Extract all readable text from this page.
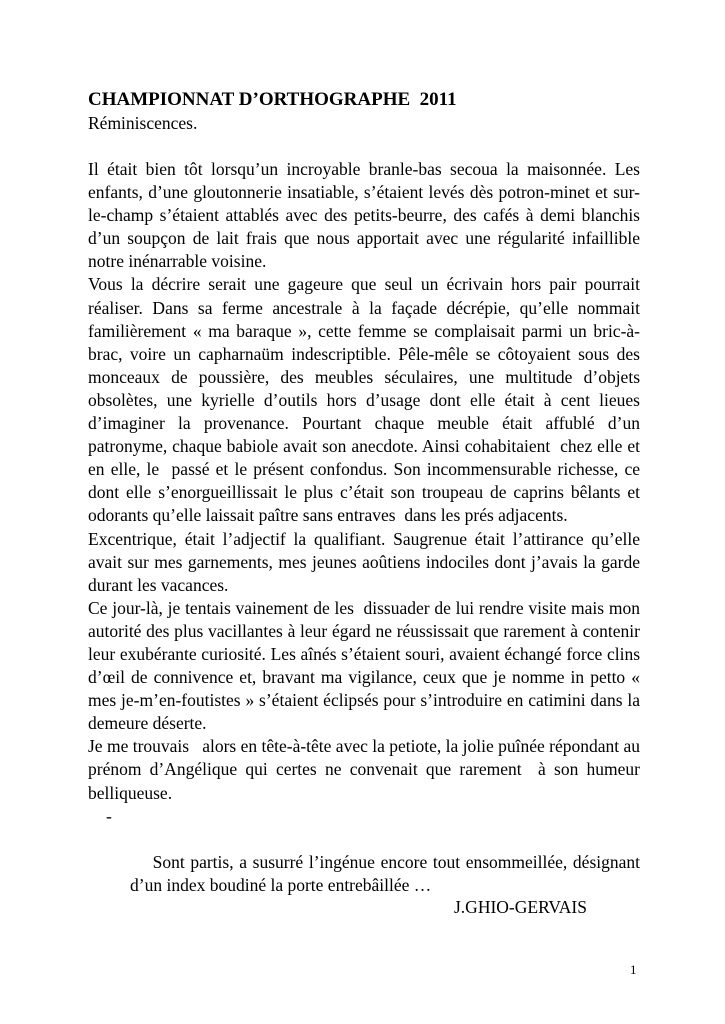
CHAMPIONNAT D’ORTHOGRAPHE  2011
Réminiscences.

Il était bien tôt lorsqu’un incroyable branle-bas secoua la maisonnée. Les enfants, d’une gloutonnerie insatiable, s’étaient levés dès potron-minet et sur-le-champ s’étaient attablés avec des petits-beurre, des cafés à demi blanchis d’un soupçon de lait frais que nous apportait avec une régularité infaillible notre inénarrable voisine.

Vous la décrire serait une gageure que seul un écrivain hors pair pourrait réaliser. Dans sa ferme ancestrale à la façade décrépie, qu’elle nommait familièrement « ma baraque », cette femme se complaisait parmi un bric-à-brac, voire un capharnaüm indescriptible. Pêle-mêle se côtoyaient sous des monceaux de poussière, des meubles séculaires, une multitude d’objets obsolètes, une kyrielle d’outils hors d’usage dont elle était à cent lieues d’imaginer la provenance. Pourtant chaque meuble était affublé d’un patronyme, chaque babiole avait son anecdote. Ainsi cohabitaient  chez elle et en elle, le  passé et le présent confondus. Son incommensurable richesse, ce dont elle s’enorgueillissait le plus c’était son troupeau de caprins bêlants et odorants qu’elle laissait paître sans entraves  dans les prés adjacents.

Excentrique, était l’adjectif la qualifiant. Saugrenue était l’attirance qu’elle avait sur mes garnements, mes jeunes aoûtiens indociles dont j’avais la garde durant les vacances.

Ce jour-là, je tentais vainement de les  dissuader de lui rendre visite mais mon autorité des plus vacillantes à leur égard ne réussissait que rarement à contenir leur exubérante curiosité. Les aînés s’étaient souri, avaient échangé force clins d’œil de connivence et, bravant ma vigilance, ceux que je nomme in petto « mes je-m’en-foutistes » s’étaient éclipsés pour s’introduire en catimini dans la demeure déserte.

Je me trouvais   alors en tête-à-tête avec la petiote, la jolie puînée répondant au   prénom d’Angélique qui certes ne convenait que rarement  à son humeur belliqueuse.

-

Sont partis, a susurré l’ingénue encore tout ensommeillée, désignant d’un index boudiné la porte entrebâillée …

J.GHIO-GERVAIS
1
